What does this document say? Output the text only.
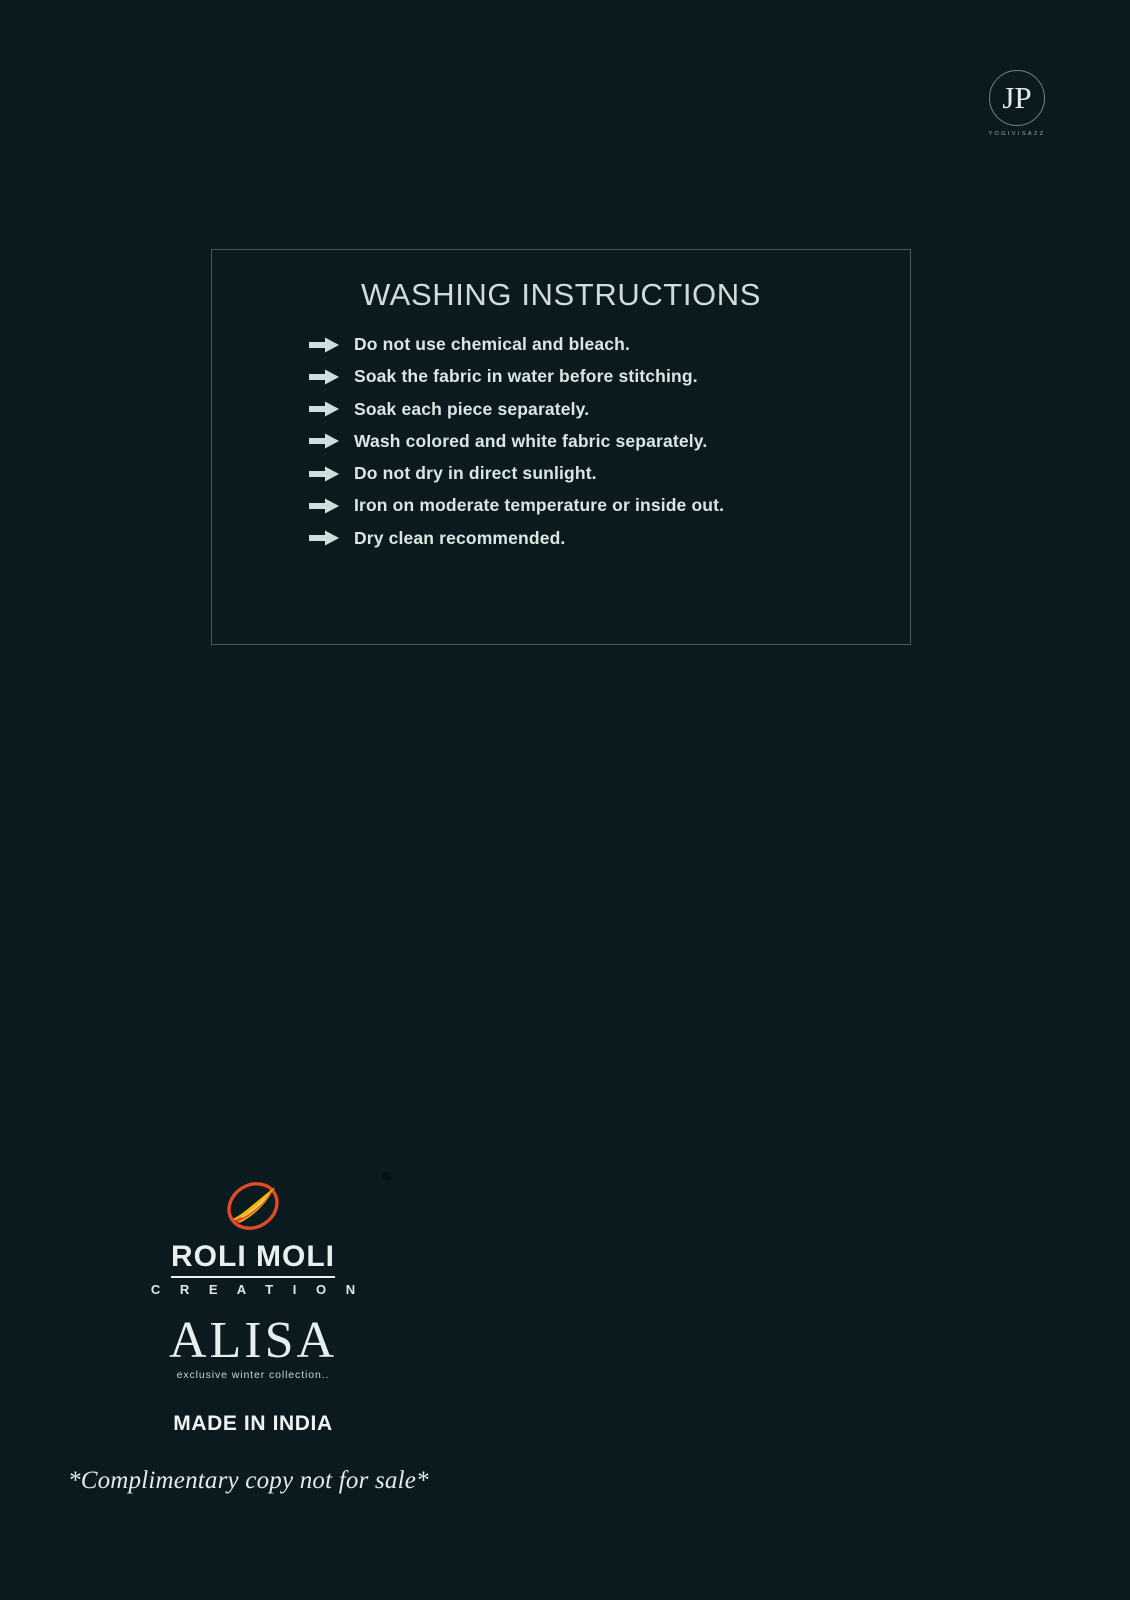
JP
YOGIVISAZZ
WASHING INSTRUCTIONS
Do not use chemical and bleach.
Soak the fabric in water before stitching.
Soak each piece separately.
Wash colored and white fabric separately.
Do not dry in direct sunlight.
Iron on moderate temperature or inside out.
Dry clean recommended.
ROLI MOLI
®
C R E A T I O N
ALISA
exclusive winter collection..
MADE IN INDIA
*Complimentary copy not for sale*
